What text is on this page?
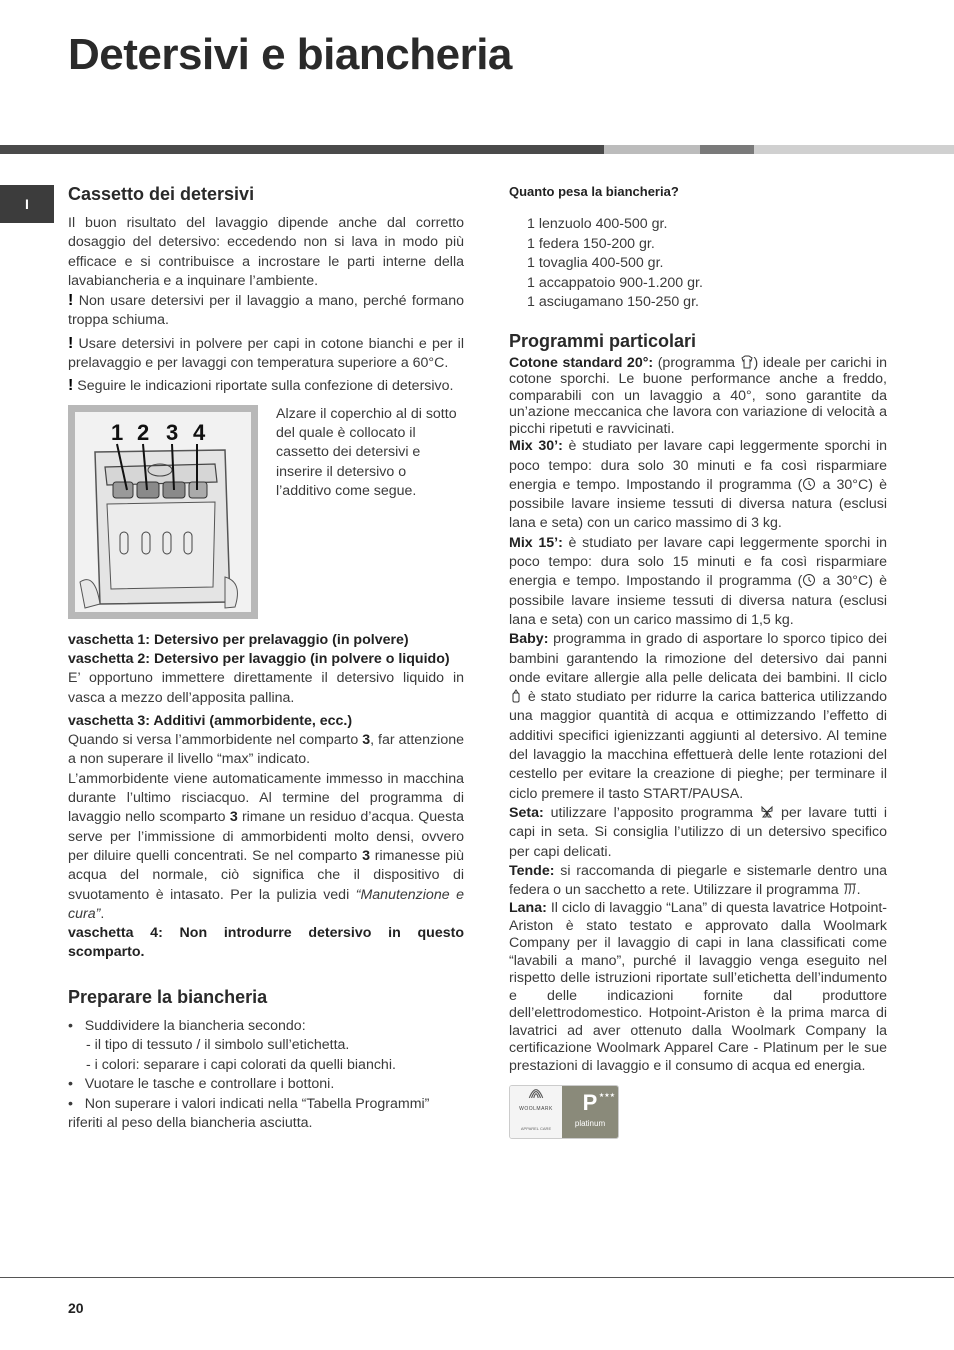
Detersivi e biancheria
I	Cassetto dei detersivi

Il buon risultato del lavaggio dipende anche dal corretto dosaggio del detersivo: eccedendo non si lava in modo più efficace e si contribuisce a incrostare le parti interne della lavabiancheria e a inquinare l’ambiente.

! Non usare detersivi per il lavaggio a mano, perché formano troppa schiuma.

! Usare detersivi in polvere per capi in cotone bianchi e per il prelavaggio e per lavaggi con temperatura superiore a 60°C.

! Seguire le indicazioni riportate sulla confezione di detersivo.

1 2 3 4

Alzare il coperchio al di sotto del quale è collocato il cassetto dei detersivi e inserire il detersivo o l’additivo come segue.

vaschetta 1: Detersivo per prelavaggio (in polvere)

vaschetta 2: Detersivo per lavaggio (in polvere o liquido)

E’ opportuno immettere direttamente il detersivo liquido in vasca a mezzo dell’apposita pallina.

vaschetta 3: Additivi (ammorbidente, ecc.)

Quando si versa l’ammorbidente nel comparto 3, far attenzione a non superare il livello “max” indicato.

L’ammorbidente viene automaticamente immesso in macchina durante l’ultimo risciacquo. Al termine del programma di lavaggio nello scomparto 3 rimane un residuo d’acqua. Questa serve per l’immissione di ammorbidenti molto densi, ovvero per diluire quelli concentrati. Se nel comparto 3 rimanesse più acqua del normale, ciò significa che il dispositivo di svuotamento è intasato. Per la pulizia vedi “Manutenzione e cura”.

vaschetta 4: Non introdurre detersivo in questo scomparto.

Preparare la biancheria
•   Suddividere la biancheria secondo:
- il tipo di tessuto / il simbolo sull’etichetta.
- i colori: separare i capi colorati da quelli bianchi.
•   Vuotare le tasche e controllare i bottoni.
•   Non superare i valori indicati nella “Tabella Programmi”
riferiti al peso della biancheria asciutta.

Quanto pesa la biancheria?

1 lenzuolo 400-500 gr.
1 federa 150-200 gr.
1 tovaglia 400-500 gr.
1 accappatoio 900-1.200 gr.
1 asciugamano 150-250 gr.
Programmi particolari

Cotone standard 20°: (programma ) ideale per carichi in cotone sporchi. Le buone performance anche a freddo, comparabili con un lavaggio a 40°, sono garantite da un’azione meccanica che lavora con variazione di velocità a picchi ripetuti e ravvicinati.

Mix 30’: è studiato per lavare capi leggermente sporchi in poco tempo: dura solo 30 minuti e fa così risparmiare energia e tempo. Impostando il programma ( a 30°C) è possibile lavare insieme tessuti di diversa natura (esclusi lana e seta) con un carico massimo di 3 kg.

Mix 15’: è studiato per lavare capi leggermente sporchi in poco tempo: dura solo 15 minuti e fa così risparmiare energia e tempo. Impostando il programma ( a 30°C) è possibile lavare insieme tessuti di diversa natura (esclusi lana e seta) con un carico massimo di 1,5 kg.

Baby: programma in grado di asportare lo sporco tipico dei bambini garantendo la rimozione del detersivo dai panni onde evitare allergie alla pelle delicata dei bambini. Il ciclo  è stato studiato per ridurre la carica batterica utilizzando una maggior quantità di acqua e ottimizzando l’effetto di additivi specifici igienizzanti aggiunti al detersivo. Al temine del lavaggio la macchina effettuerà delle lente rotazioni del cestello per evitare la creazione di pieghe; per terminare il ciclo premere il tasto START/PAUSA.

Seta: utilizzare l’apposito programma  per lavare tutti i capi in seta. Si consiglia l’utilizzo di un detersivo specifico per capi delicati.

Tende: si raccomanda di piegarle e sistemarle dentro una federa o un sacchetto a rete. Utilizzare il programma .

Lana: Il ciclo di lavaggio “Lana” di questa lavatrice Hotpoint-Ariston è stato testato e approvato dalla Woolmark Company per il lavaggio di capi in lana classificati come “lavabili a mano”, purché il lavaggio venga eseguito nel rispetto delle istruzioni riportate sull’etichetta dell’indumento e delle indicazioni fornite dal produttore dell’elettrodomestico. Hotpoint-Ariston è la prima marca di lavatrici ad aver ottenuto dalla Woolmark Company la certificazione Woolmark Apparel Care - Platinum per le sue prestazioni di lavaggio e il consumo di acqua ed energia.

WOOLMARK
APPAREL CARE
★★★
P
platinum
20
